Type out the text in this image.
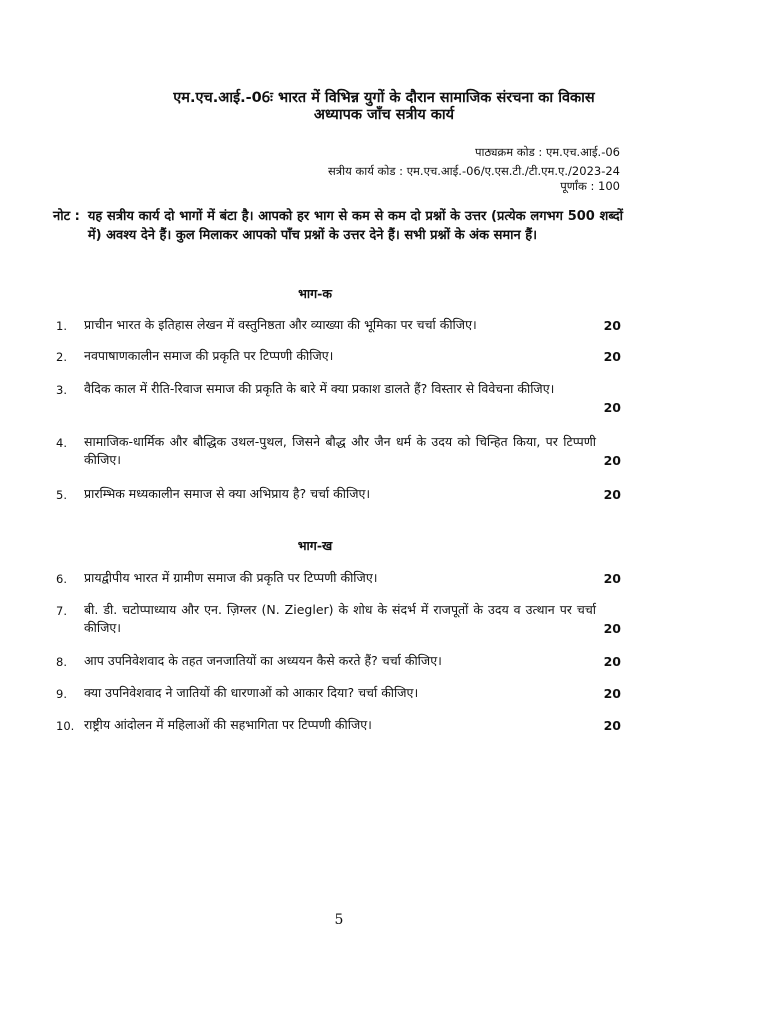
एम.एच.आई.-06ः भारत में विभिन्न युगों के दौरान सामाजिक संरचना का विकास
अध्यापक जाँच सत्रीय कार्य
पाठ्यक्रम कोड : एम.एच.आई.-06
सत्रीय कार्य कोड : एम.एच.आई.-06/ए.एस.टी./टी.एम.ए./2023-24
पूर्णांक : 100
नोट : यह सत्रीय कार्य दो भागों में बंटा है। आपको हर भाग से कम से कम दो प्रश्नों के उत्तर (प्रत्येक लगभग 500 शब्दों में) अवश्य देने हैं। कुल मिलाकर आपको पाँच प्रश्नों के उत्तर देने हैं। सभी प्रश्नों के अंक समान हैं।
भाग-क
1. प्राचीन भारत के इतिहास लेखन में वस्तुनिष्ठता और व्याख्या की भूमिका पर चर्चा कीजिए।	20
2. नवपाषाणकालीन समाज की प्रकृति पर टिप्पणी कीजिए।	20
3. वैदिक काल में रीति-रिवाज समाज की प्रकृति के बारे में क्या प्रकाश डालते हैं? विस्तार से विवेचना कीजिए।
20
4. सामाजिक-धार्मिक और बौद्धिक उथल-पुथल, जिसने बौद्ध और जैन धर्म के उदय को चिन्हित किया, पर टिप्पणी कीजिए।	20
5. प्रारम्भिक मध्यकालीन समाज से क्या अभिप्राय है? चर्चा कीजिए।	20
भाग-ख
6. प्रायद्वीपीय भारत में ग्रामीण समाज की प्रकृति पर टिप्पणी कीजिए।	20
7. बी. डी. चटोप्पाध्याय और एन. ज़िग्लर (N. Ziegler) के शोध के संदर्भ में राजपूतों के उदय व उत्थान पर चर्चा कीजिए।	20
8. आप उपनिवेशवाद के तहत जनजातियों का अध्ययन कैसे करते हैं? चर्चा कीजिए।	20
9. क्या उपनिवेशवाद ने जातियों की धारणाओं को आकार दिया? चर्चा कीजिए।	20
10. राष्ट्रीय आंदोलन में महिलाओं की सहभागिता पर टिप्पणी कीजिए।	20
5
